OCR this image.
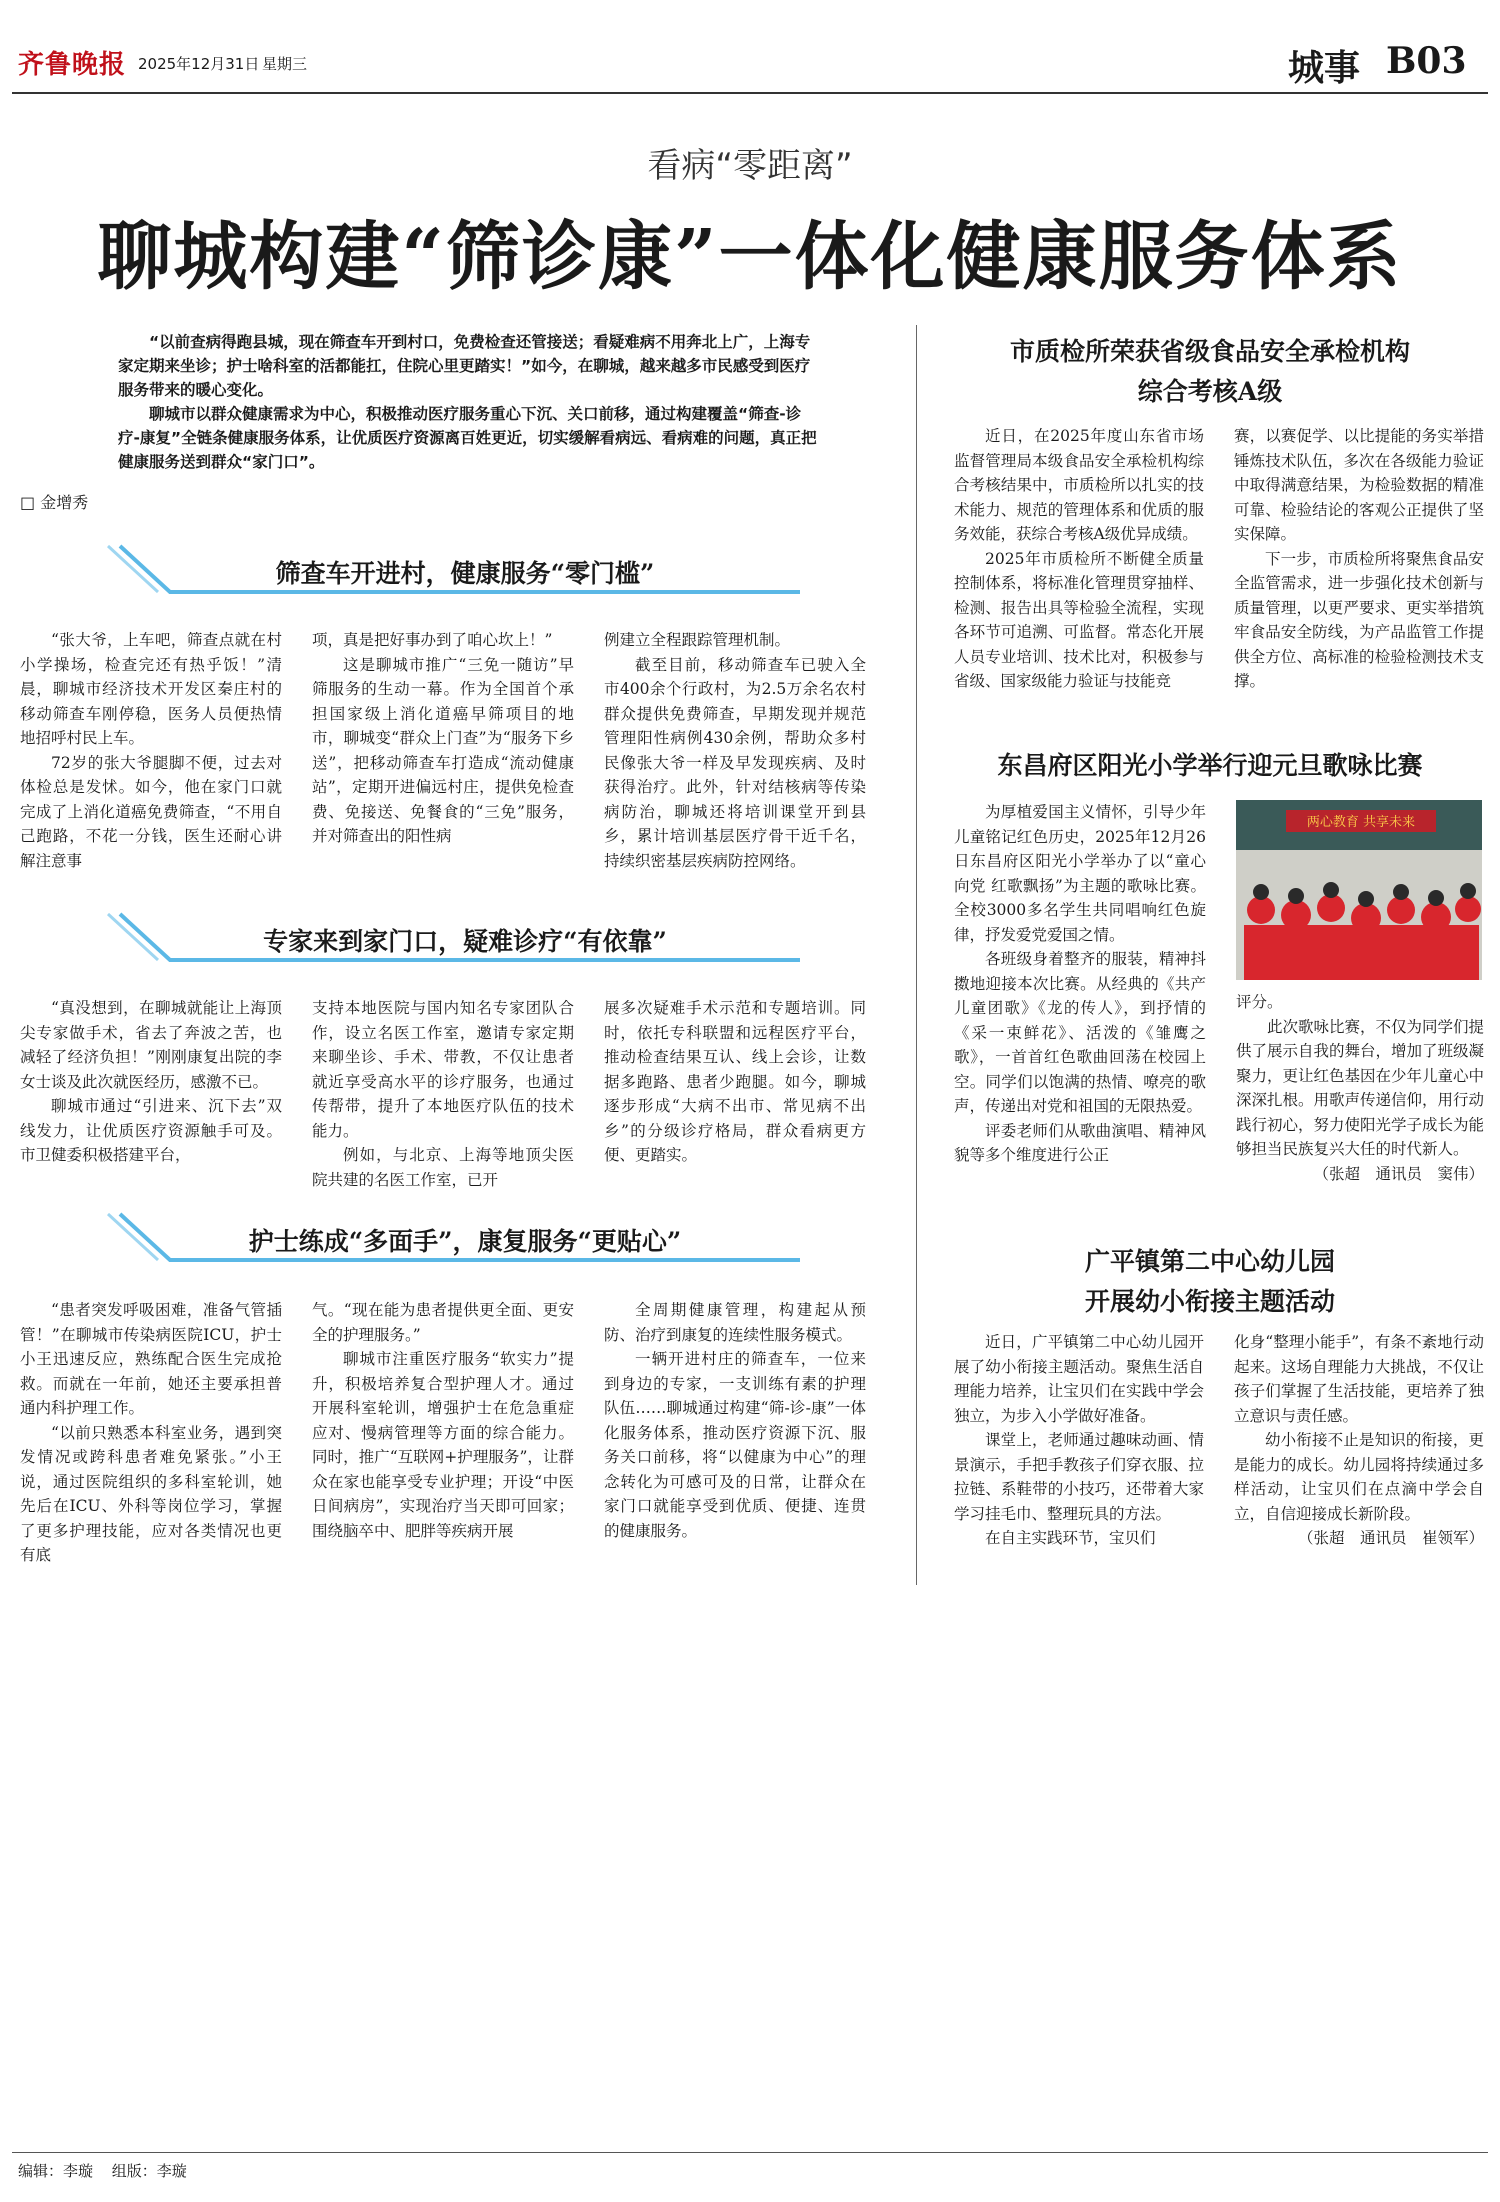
齐鲁晚报 2025年12月31日 星期三	城事 B03
看病“零距离”
聊城构建“筛诊康”一体化健康服务体系

“以前查病得跑县城，现在筛查车开到村口，免费检查还管接送；看疑难病不用奔北上广，上海专家定期来坐诊；护士啥科室的活都能扛，住院心里更踏实！”如今，在聊城，越来越多市民感受到医疗服务带来的暖心变化。

聊城市以群众健康需求为中心，积极推动医疗服务重心下沉、关口前移，通过构建覆盖“筛查-诊疗-康复”全链条健康服务体系，让优质医疗资源离百姓更近，切实缓解看病远、看病难的问题，真正把健康服务送到群众“家门口”。

□ 金增秀
筛查车开进村，健康服务“零门槛”

“张大爷，上车吧，筛查点就在村小学操场，检查完还有热乎饭！”清晨，聊城市经济技术开发区秦庄村的移动筛查车刚停稳，医务人员便热情地招呼村民上车。

72岁的张大爷腿脚不便，过去对体检总是发怵。如今，他在家门口就完成了上消化道癌免费筛查，“不用自己跑路，不花一分钱，医生还耐心讲解注意事

项，真是把好事办到了咱心坎上！”

这是聊城市推广“三免一随访”早筛服务的生动一幕。作为全国首个承担国家级上消化道癌早筛项目的地市，聊城变“群众上门查”为“服务下乡送”，把移动筛查车打造成“流动健康站”，定期开进偏远村庄，提供免检查费、免接送、免餐食的“三免”服务，并对筛查出的阳性病

例建立全程跟踪管理机制。

截至目前，移动筛查车已驶入全市400余个行政村，为2.5万余名农村群众提供免费筛查，早期发现并规范管理阳性病例430余例，帮助众多村民像张大爷一样及早发现疾病、及时获得治疗。此外，针对结核病等传染病防治，聊城还将培训课堂开到县乡，累计培训基层医疗骨干近千名，持续织密基层疾病防控网络。

专家来到家门口，疑难诊疗“有依靠”

“真没想到，在聊城就能让上海顶尖专家做手术，省去了奔波之苦，也减轻了经济负担！”刚刚康复出院的李女士谈及此次就医经历，感激不已。

聊城市通过“引进来、沉下去”双线发力，让优质医疗资源触手可及。市卫健委积极搭建平台，

支持本地医院与国内知名专家团队合作，设立名医工作室，邀请专家定期来聊坐诊、手术、带教，不仅让患者就近享受高水平的诊疗服务，也通过传帮带，提升了本地医疗队伍的技术能力。

例如，与北京、上海等地顶尖医院共建的名医工作室，已开

展多次疑难手术示范和专题培训。同时，依托专科联盟和远程医疗平台，推动检查结果互认、线上会诊，让数据多跑路、患者少跑腿。如今，聊城逐步形成“大病不出市、常见病不出乡”的分级诊疗格局，群众看病更方便、更踏实。

护士练成“多面手”，康复服务“更贴心”

“患者突发呼吸困难，准备气管插管！”在聊城市传染病医院ICU，护士小王迅速反应，熟练配合医生完成抢救。而就在一年前，她还主要承担普通内科护理工作。

“以前只熟悉本科室业务，遇到突发情况或跨科患者难免紧张。”小王说，通过医院组织的多科室轮训，她先后在ICU、外科等岗位学习，掌握了更多护理技能，应对各类情况也更有底

气。“现在能为患者提供更全面、更安全的护理服务。”

聊城市注重医疗服务“软实力”提升，积极培养复合型护理人才。通过开展科室轮训，增强护士在危急重症应对、慢病管理等方面的综合能力。同时，推广“互联网+护理服务”，让群众在家也能享受专业护理；开设“中医日间病房”，实现治疗当天即可回家；围绕脑卒中、肥胖等疾病开展

全周期健康管理，构建起从预防、治疗到康复的连续性服务模式。

一辆开进村庄的筛查车，一位来到身边的专家，一支训练有素的护理队伍……聊城通过构建“筛-诊-康”一体化服务体系，推动医疗资源下沉、服务关口前移，将“以健康为中心”的理念转化为可感可及的日常，让群众在家门口就能享受到优质、便捷、连贯的健康服务。

市质检所荣获省级食品安全承检机构
综合考核A级

近日，在2025年度山东省市场监督管理局本级食品安全承检机构综合考核结果中，市质检所以扎实的技术能力、规范的管理体系和优质的服务效能，获综合考核A级优异成绩。

2025年市质检所不断健全质量控制体系，将标准化管理贯穿抽样、检测、报告出具等检验全流程，实现各环节可追溯、可监督。常态化开展人员专业培训、技术比对，积极参与省级、国家级能力验证与技能竞

赛，以赛促学、以比提能的务实举措锤炼技术队伍，多次在各级能力验证中取得满意结果，为检验数据的精准可靠、检验结论的客观公正提供了坚实保障。

下一步，市质检所将聚焦食品安全监管需求，进一步强化技术创新与质量管理，以更严要求、更实举措筑牢食品安全防线，为产品监管工作提供全方位、高标准的检验检测技术支撑。

东昌府区阳光小学举行迎元旦歌咏比赛
两心教育 共享未来

为厚植爱国主义情怀，引导少年儿童铭记红色历史，2025年12月26日东昌府区阳光小学举办了以“童心向党 红歌飘扬”为主题的歌咏比赛。全校3000多名学生共同唱响红色旋律，抒发爱党爱国之情。

各班级身着整齐的服装，精神抖擞地迎接本次比赛。从经典的《共产儿童团歌》《龙的传人》，到抒情的《采一束鲜花》、活泼的《雏鹰之歌》，一首首红色歌曲回荡在校园上空。同学们以饱满的热情、嘹亮的歌声，传递出对党和祖国的无限热爱。

评委老师们从歌曲演唱、精神风貌等多个维度进行公正

评分。

此次歌咏比赛，不仅为同学们提供了展示自我的舞台，增加了班级凝聚力，更让红色基因在少年儿童心中深深扎根。用歌声传递信仰，用行动践行初心，努力使阳光学子成长为能够担当民族复兴大任的时代新人。

（张超　通讯员　窦伟）

广平镇第二中心幼儿园
开展幼小衔接主题活动

近日，广平镇第二中心幼儿园开展了幼小衔接主题活动。聚焦生活自理能力培养，让宝贝们在实践中学会独立，为步入小学做好准备。

课堂上，老师通过趣味动画、情景演示，手把手教孩子们穿衣服、拉拉链、系鞋带的小技巧，还带着大家学习挂毛巾、整理玩具的方法。

在自主实践环节，宝贝们

化身“整理小能手”，有条不紊地行动起来。这场自理能力大挑战，不仅让孩子们掌握了生活技能，更培养了独立意识与责任感。

幼小衔接不止是知识的衔接，更是能力的成长。幼儿园将持续通过多样活动，让宝贝们在点滴中学会自立，自信迎接成长新阶段。

（张超　通讯员　崔领军）

编辑：李璇 组版：李璇
